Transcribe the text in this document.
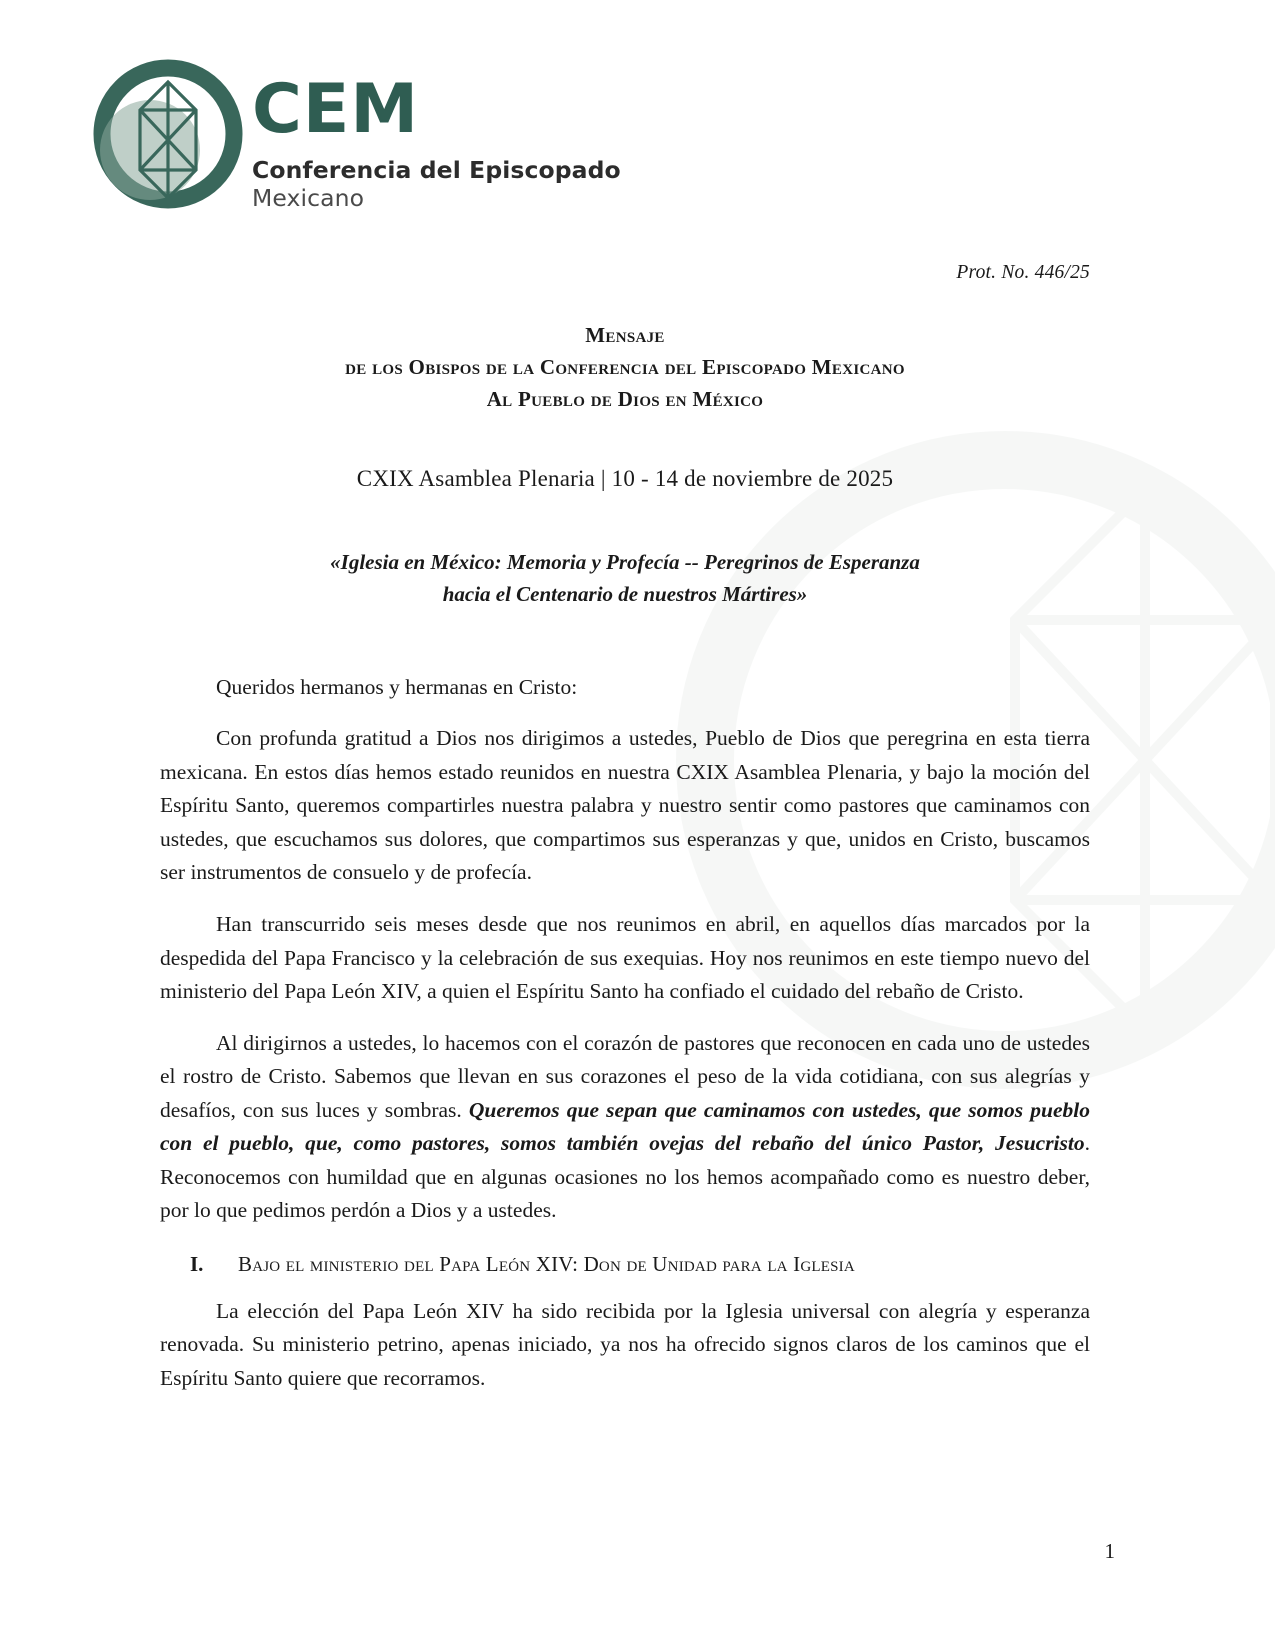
CEM
Conferencia del Episcopado Mexicano
Prot. No. 446/25
Mensaje
de los Obispos de la Conferencia del Episcopado Mexicano
Al Pueblo de Dios en México
CXIX Asamblea Plenaria | 10 - 14 de noviembre de 2025
«Iglesia en México: Memoria y Profecía -- Peregrinos de Esperanza
hacia el Centenario de nuestros Mártires»

Queridos hermanos y hermanas en Cristo:

Con profunda gratitud a Dios nos dirigimos a ustedes, Pueblo de Dios que peregrina en esta tierra mexicana. En estos días hemos estado reunidos en nuestra CXIX Asamblea Plenaria, y bajo la moción del Espíritu Santo, queremos compartirles nuestra palabra y nuestro sentir como pastores que caminamos con ustedes, que escuchamos sus dolores, que compartimos sus esperanzas y que, unidos en Cristo, buscamos ser instrumentos de consuelo y de profecía.

Han transcurrido seis meses desde que nos reunimos en abril, en aquellos días marcados por la despedida del Papa Francisco y la celebración de sus exequias. Hoy nos reunimos en este tiempo nuevo del ministerio del Papa León XIV, a quien el Espíritu Santo ha confiado el cuidado del rebaño de Cristo.

Al dirigirnos a ustedes, lo hacemos con el corazón de pastores que reconocen en cada uno de ustedes el rostro de Cristo. Sabemos que llevan en sus corazones el peso de la vida cotidiana, con sus alegrías y desafíos, con sus luces y sombras. Queremos que sepan que caminamos con ustedes, que somos pueblo con el pueblo, que, como pastores, somos también ovejas del rebaño del único Pastor, Jesucristo. Reconocemos con humildad que en algunas ocasiones no los hemos acompañado como es nuestro deber, por lo que pedimos perdón a Dios y a ustedes.

I.	Bajo el ministerio del Papa León XIV: Don de Unidad para la Iglesia

La elección del Papa León XIV ha sido recibida por la Iglesia universal con alegría y esperanza renovada. Su ministerio petrino, apenas iniciado, ya nos ha ofrecido signos claros de los caminos que el Espíritu Santo quiere que recorramos.

1
